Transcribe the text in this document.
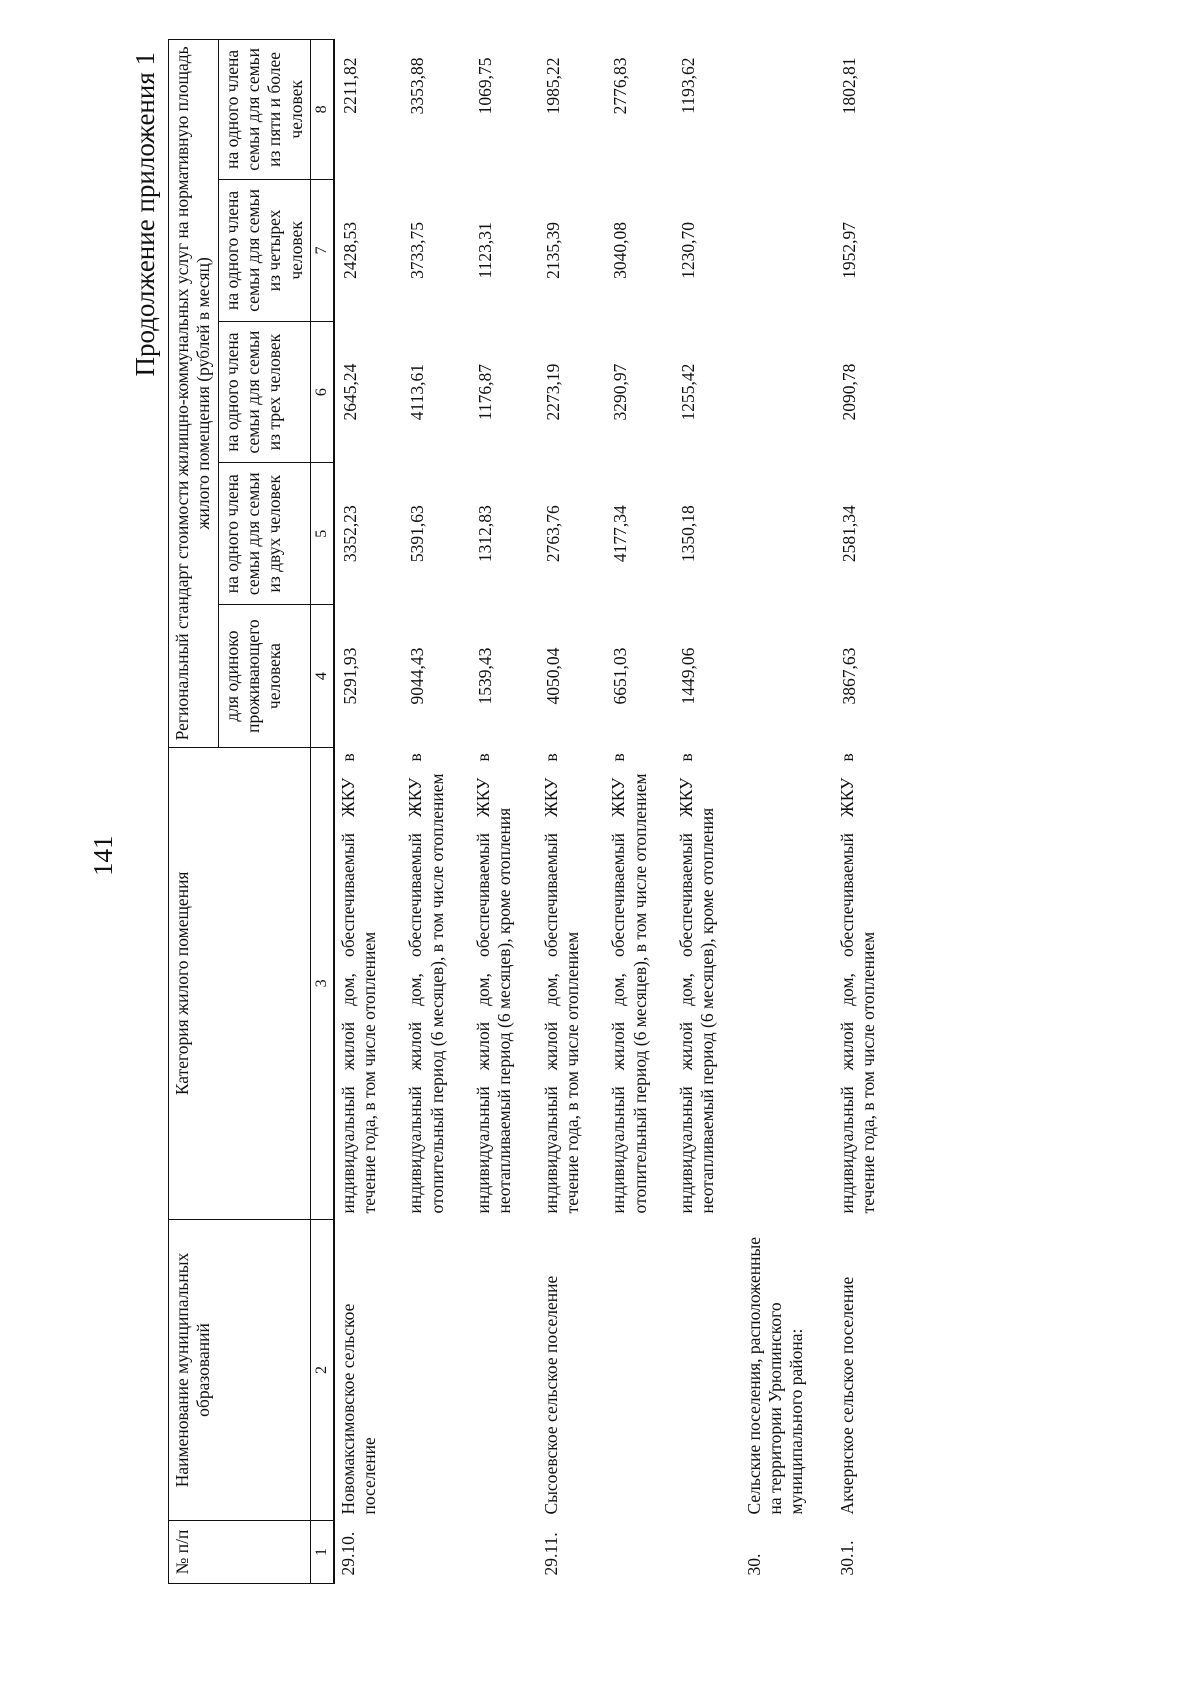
141
Продолжение приложения 1
№ п/п	Наименование муниципальных образований	Категория жилого помещения	Региональный стандарт стоимости жилищно-коммунальных услуг на нормативную площадь жилого помещения (рублей в месяц)				
			для одиноко проживающего человека	на одного члена семьи для семьи из двух человек	на одного члена семьи для семьи из трех человек	на одного члена семьи для семьи из четырех человек	на одного члена семьи для семьи из пяти и более человек
1	2	3	4	5	6	7	8
29.10.	Новомаксимовское сельское поселение	индивидуальный жилой дом, обеспечиваемый ЖКУ в течение года, в том числе отоплением	5291,93	3352,23	2645,24	2428,53	2211,82
		индивидуальный жилой дом, обеспечиваемый ЖКУ в отопительный период (6 месяцев), в том числе отоплением	9044,43	5391,63	4113,61	3733,75	3353,88
		индивидуальный жилой дом, обеспечиваемый ЖКУ в неотапливаемый период (6 месяцев), кроме отопления	1539,43	1312,83	1176,87	1123,31	1069,75
29.11.	Сысоевское сельское поселение	индивидуальный жилой дом, обеспечиваемый ЖКУ в течение года, в том числе отоплением	4050,04	2763,76	2273,19	2135,39	1985,22
		индивидуальный жилой дом, обеспечиваемый ЖКУ в отопительный период (6 месяцев), в том числе отоплением	6651,03	4177,34	3290,97	3040,08	2776,83
		индивидуальный жилой дом, обеспечиваемый ЖКУ в неотапливаемый период (6 месяцев), кроме отопления	1449,06	1350,18	1255,42	1230,70	1193,62
30.	Сельские поселения, расположенные на территории Урюпинского муниципального района:						
30.1.	Акчернское сельское поселение	индивидуальный жилой дом, обеспечиваемый ЖКУ в течение года, в том числе отоплением	3867,63	2581,34	2090,78	1952,97	1802,81
